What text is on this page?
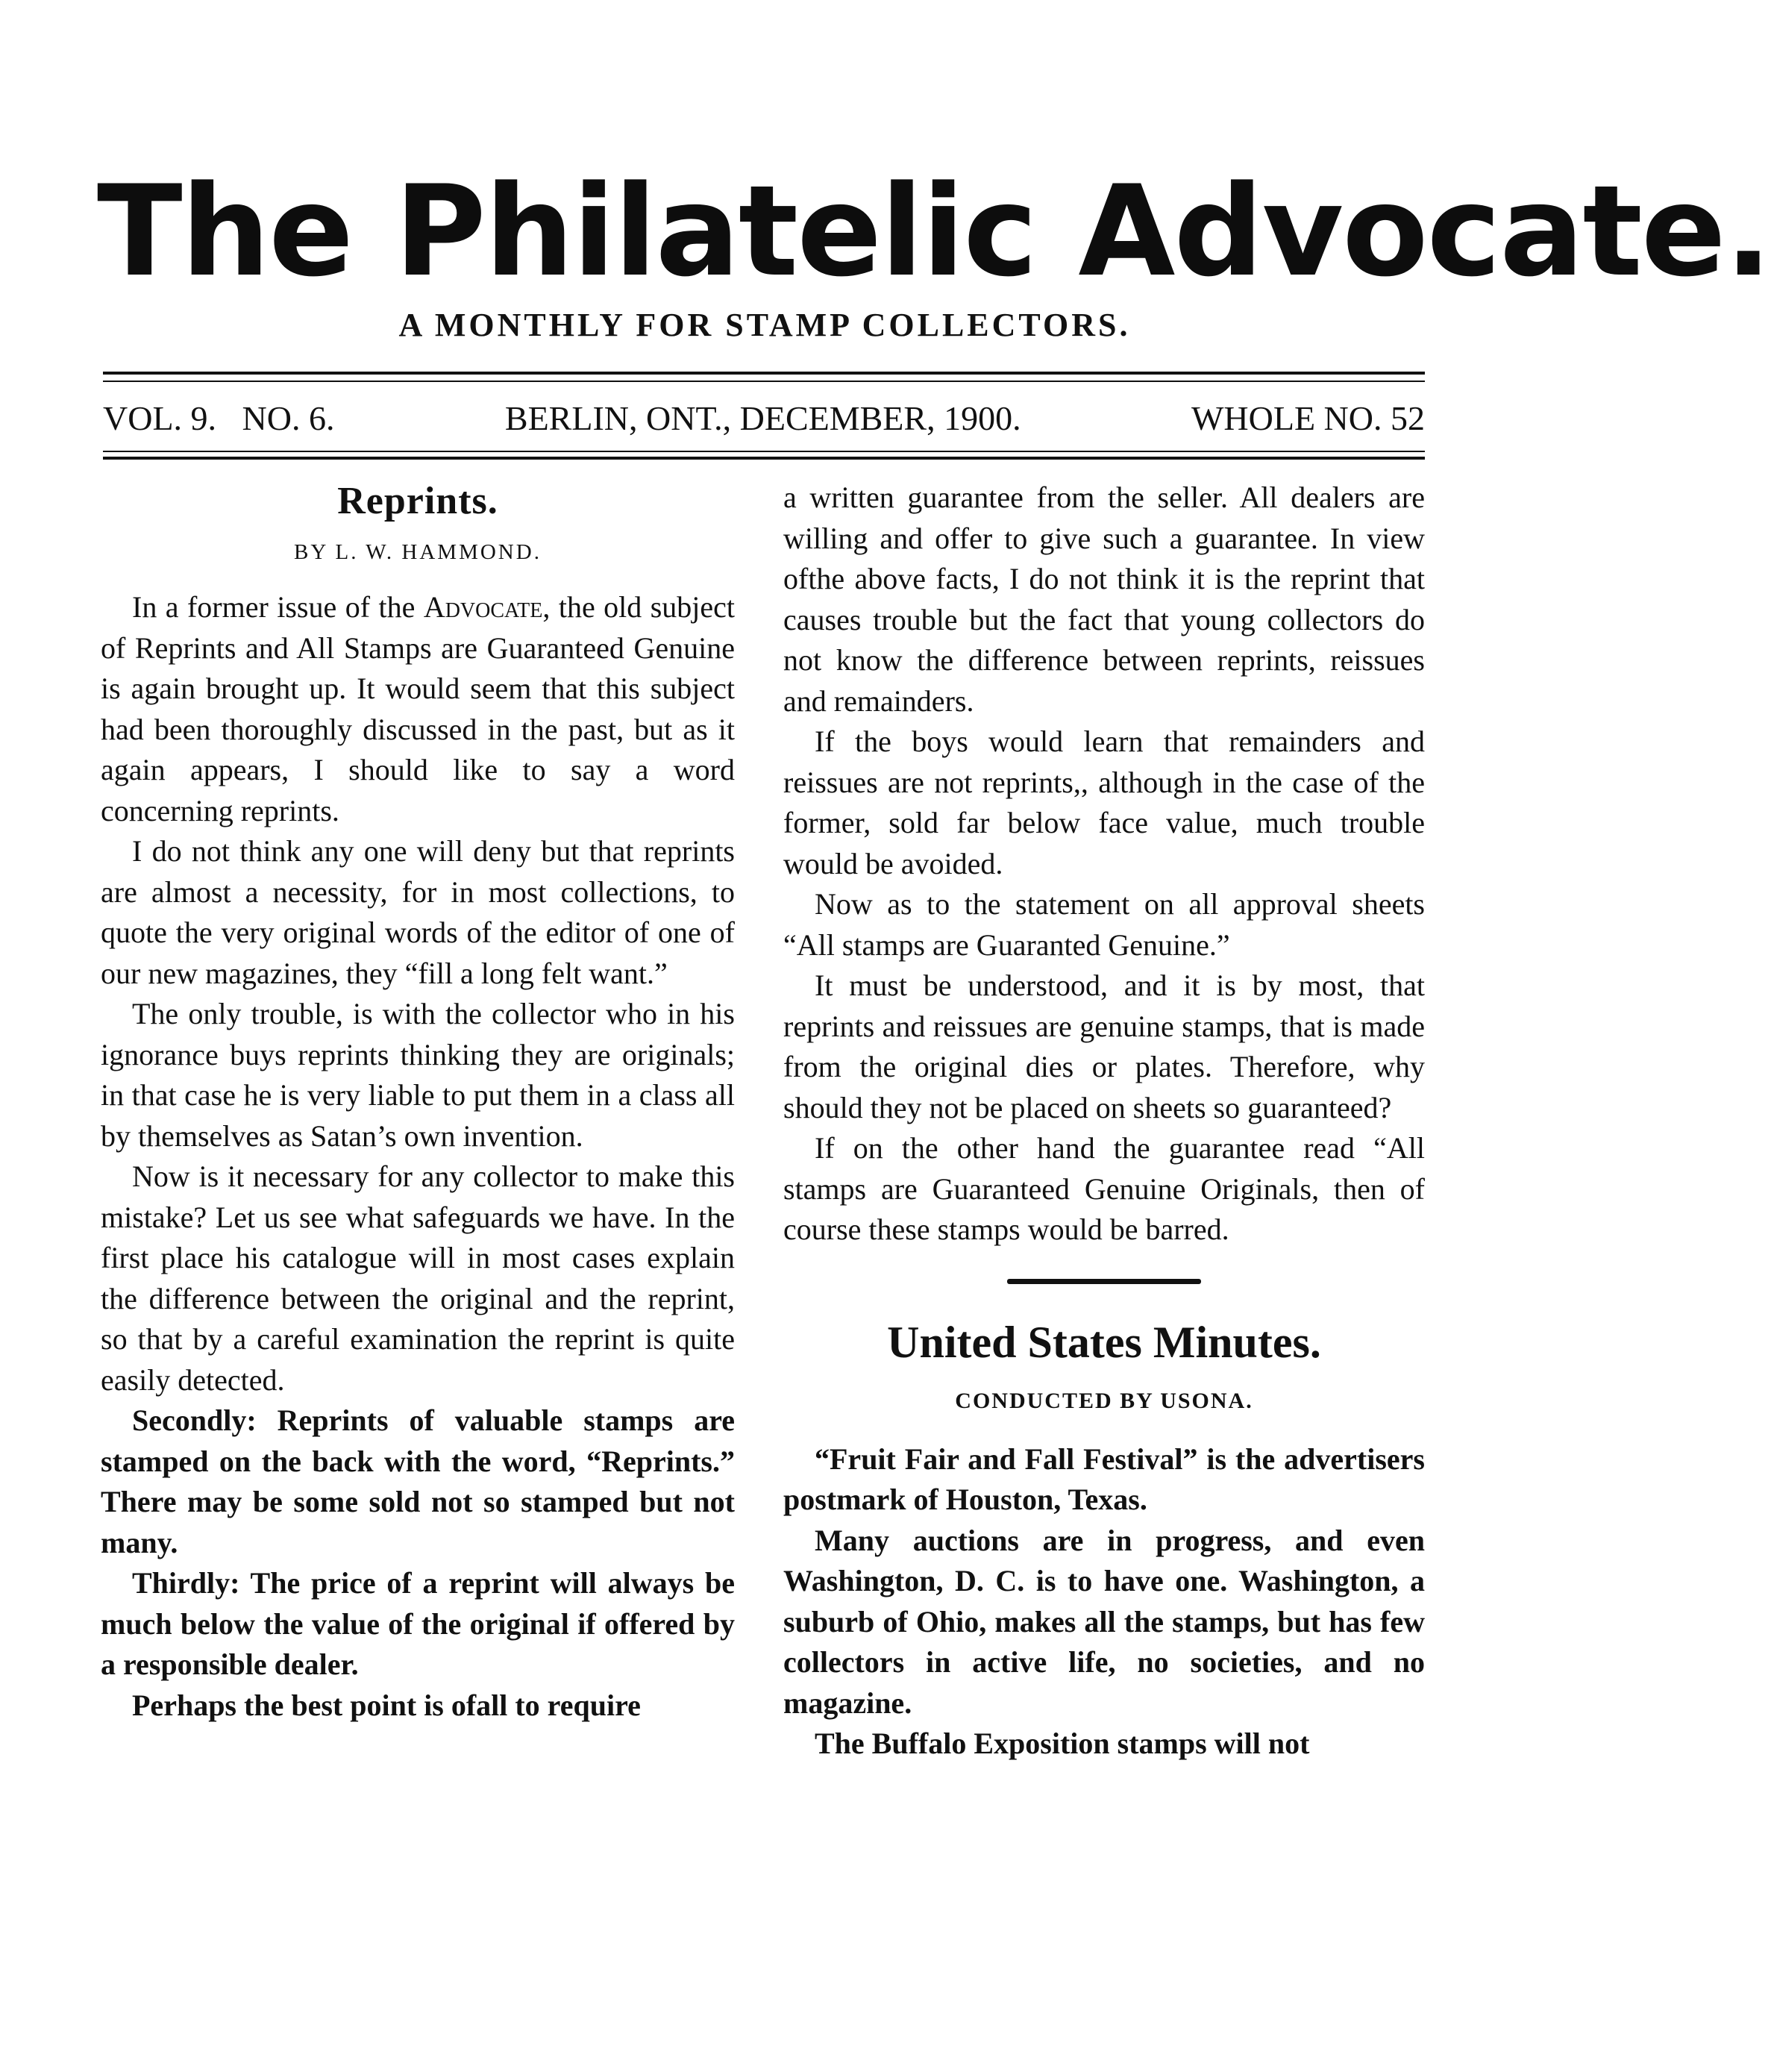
The Philatelic Advocate.
A MONTHLY FOR STAMP COLLECTORS.
VOL. 9. NO. 6.	BERLIN, ONT., DECEMBER, 1900.	WHOLE NO. 52
Reprints.
BY L. W. HAMMOND.

In a former issue of the Advocate, the old subject of Reprints and All Stamps are Guaranteed Genuine is again brought up. It would seem that this subject had been thoroughly discussed in the past, but as it again appears, I should like to say a word concerning reprints.

I do not think any one will deny but that reprints are almost a necessity, for in most collections, to quote the very original words of the editor of one of our new magazines, they “fill a long felt want.”

The only trouble, is with the collector who in his ignorance buys reprints thinking they are originals; in that case he is very liable to put them in a class all by themselves as Satan’s own invention.

Now is it necessary for any collector to make this mistake? Let us see what safeguards we have. In the first place his catalogue will in most cases explain the difference between the original and the reprint, so that by a careful examination the reprint is quite easily detected.

Secondly: Reprints of valuable stamps are stamped on the back with the word, “Reprints.” There may be some sold not so stamped but not many.

Thirdly: The price of a reprint will always be much below the value of the original if offered by a responsible dealer.

Perhaps the best point is ofall to require

a written guarantee from the seller. All dealers are willing and offer to give such a guarantee. In view ofthe above facts, I do not think it is the reprint that causes trouble but the fact that young collectors do not know the difference between reprints, reissues and remainders.

If the boys would learn that remainders and reissues are not reprints,, although in the case of the former, sold far below face value, much trouble would be avoided.

Now as to the statement on all approval sheets “All stamps are Guaranted Genuine.”

It must be understood, and it is by most, that reprints and reissues are genuine stamps, that is made from the original dies or plates. Therefore, why should they not be placed on sheets so guaranteed?

If on the other hand the guarantee read “All stamps are Guaranteed Genuine Originals, then of course these stamps would be barred.

United States Minutes.
CONDUCTED BY USONA.

“Fruit Fair and Fall Festival” is the advertisers postmark of Houston, Texas.

Many auctions are in progress, and even Washington, D. C. is to have one. Washington, a suburb of Ohio, makes all the stamps, but has few collectors in active life, no societies, and no magazine.

The Buffalo Exposition stamps will not
